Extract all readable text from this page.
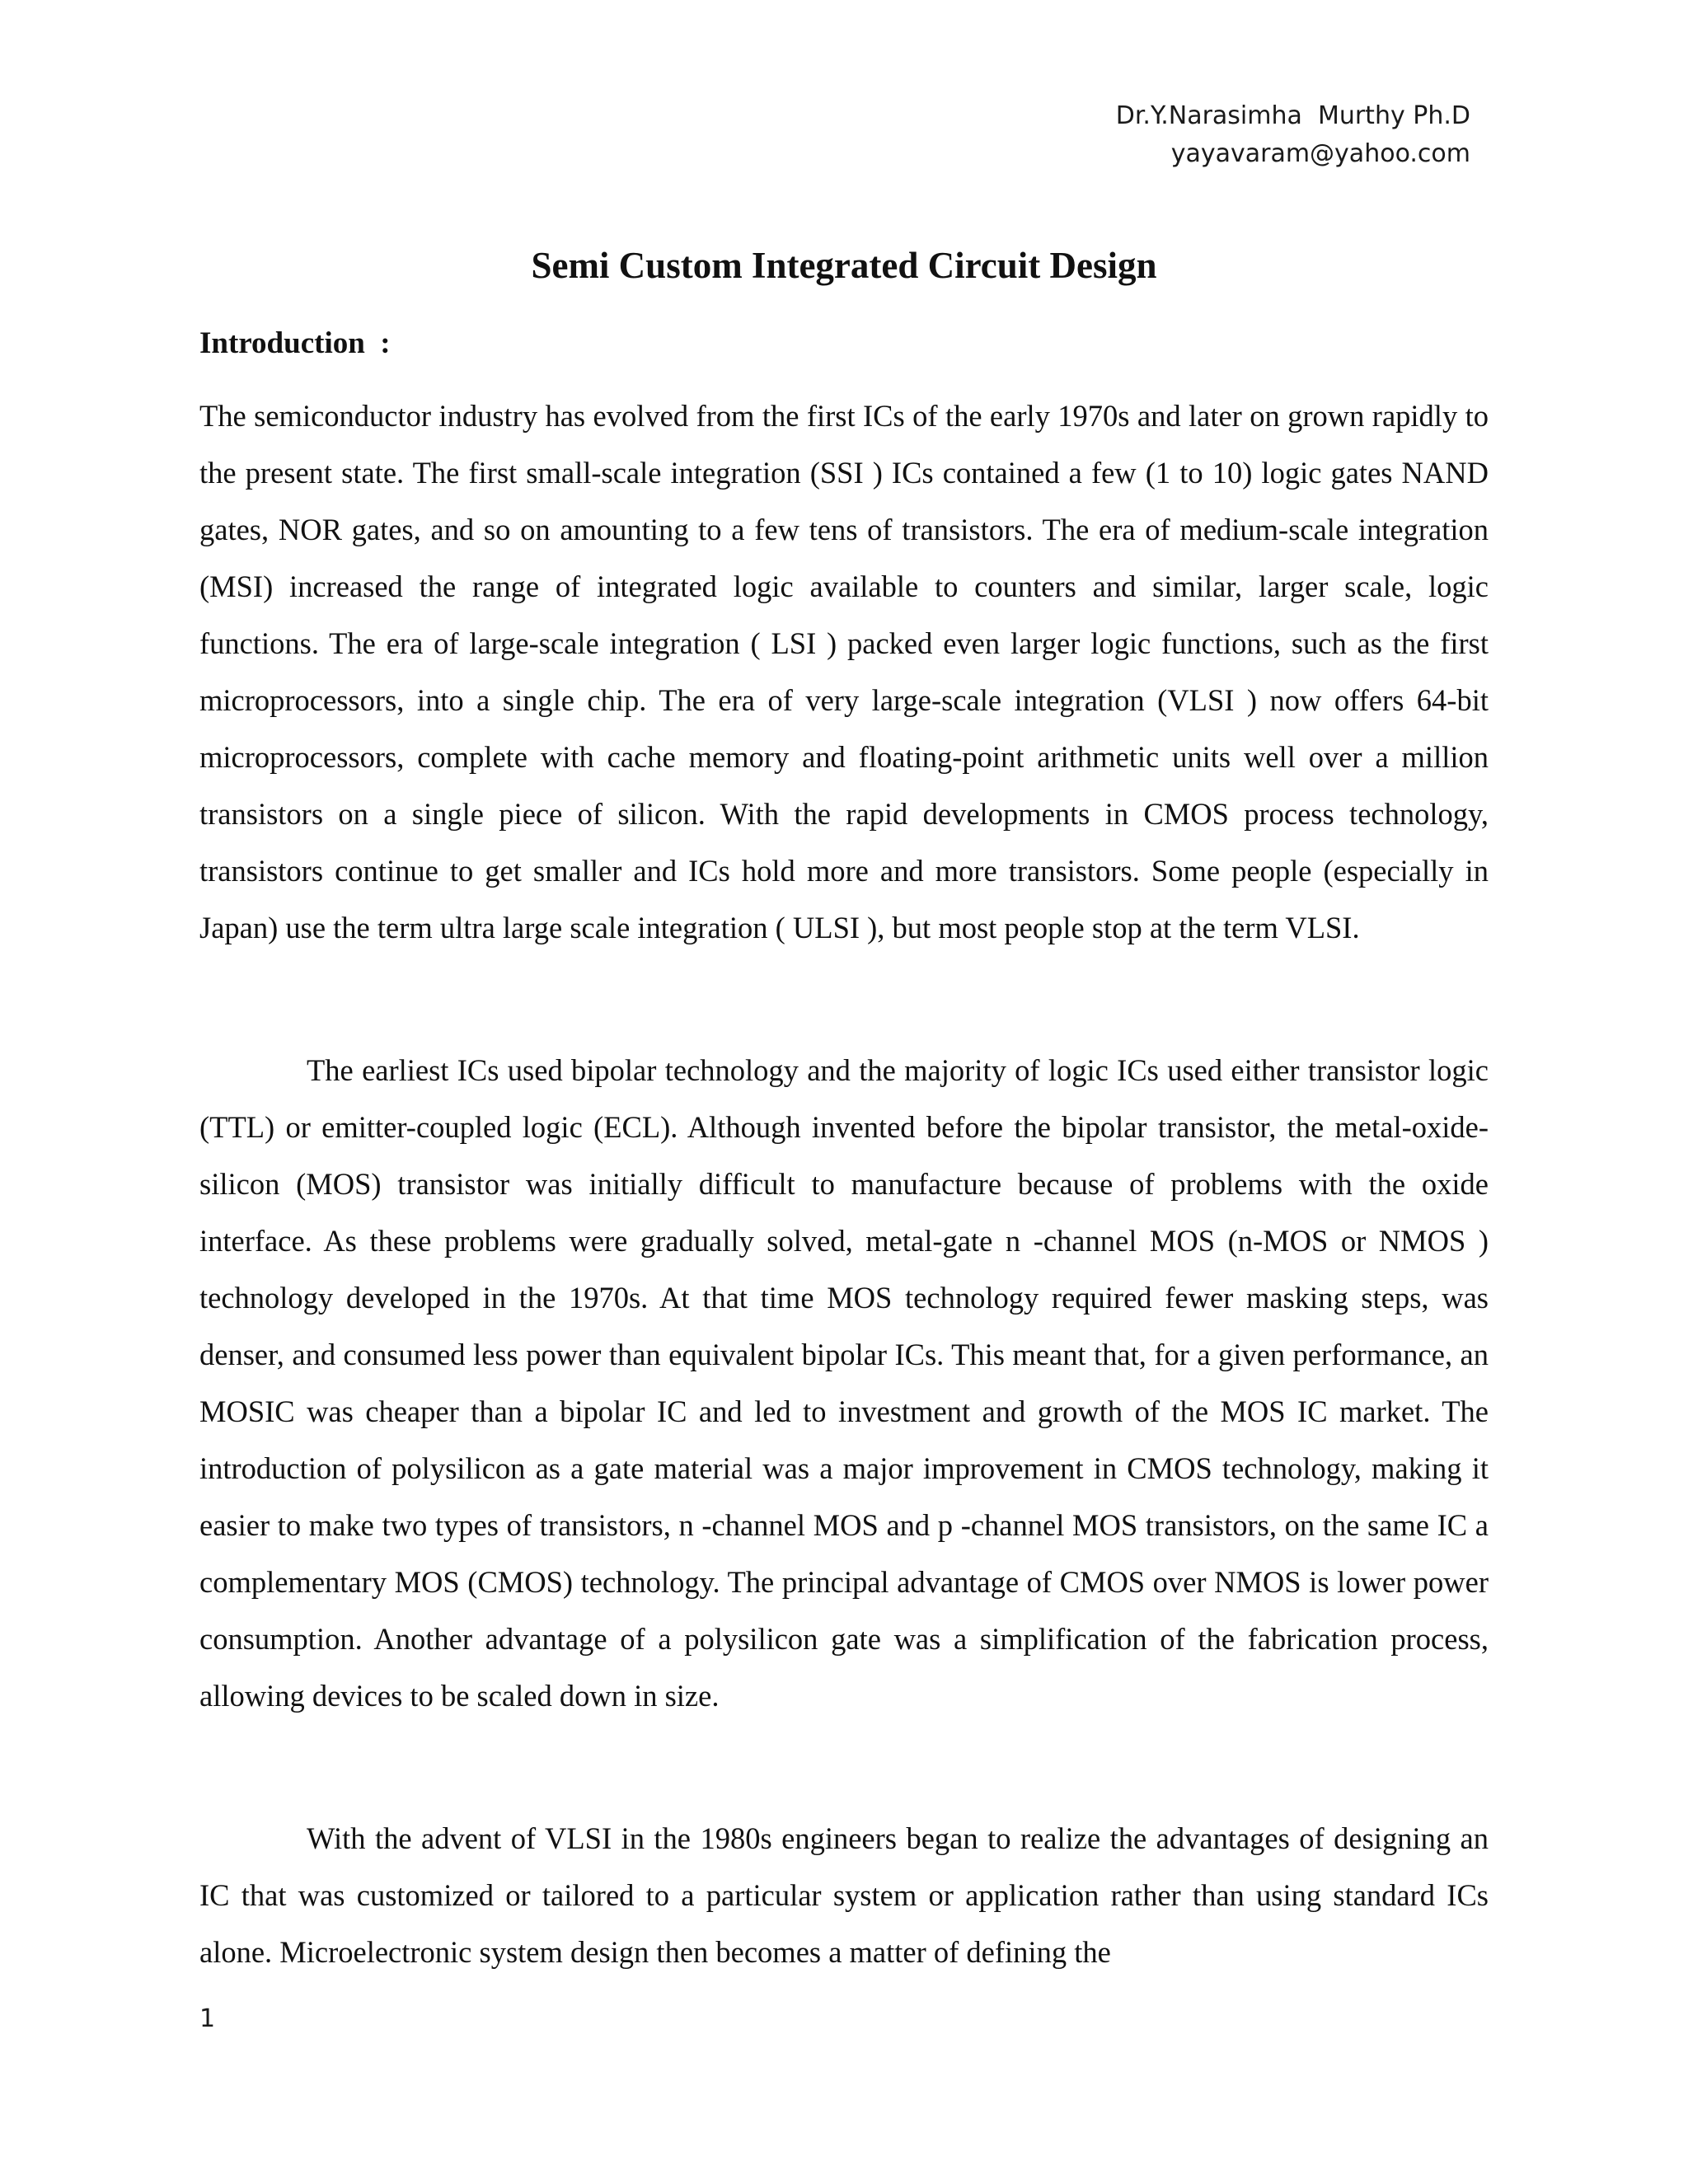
Dr.Y.Narasimha  Murthy Ph.D
yayavaram@yahoo.com
Semi Custom Integrated Circuit Design
Introduction  :

The semiconductor industry has evolved from the first ICs of the early 1970s and later on grown rapidly to the present state. The first small-scale integration (SSI ) ICs contained a few (1 to 10) logic gates NAND gates, NOR gates, and so on amounting to a few tens of transistors. The era of medium-scale integration (MSI) increased the range of integrated logic available to counters and similar, larger scale, logic functions. The era of large-scale integration ( LSI ) packed even larger logic functions, such as the first microprocessors, into a single chip. The era of very large-scale integration (VLSI ) now offers 64-bit microprocessors, complete with cache memory and floating-point arithmetic units well over a million transistors on a single piece of silicon. With the rapid developments in CMOS process technology, transistors continue to get smaller and ICs hold more and more transistors. Some people (especially in Japan) use the term ultra large scale integration ( ULSI ), but most people stop at the term VLSI.

The earliest ICs used bipolar technology and the majority of logic ICs used either transistor logic (TTL) or emitter-coupled logic (ECL). Although invented before the bipolar transistor, the metal-oxide-silicon (MOS) transistor was initially difficult to manufacture because of problems with the oxide interface. As these problems were gradually solved, metal-gate n -channel MOS (n-MOS or NMOS ) technology developed in the 1970s. At that time MOS technology required fewer masking steps, was denser, and consumed less power than equivalent bipolar ICs. This meant that, for a given performance, an MOSIC was cheaper than a bipolar IC and led to investment and growth of the MOS IC market. The introduction of polysilicon as a gate material was a major improvement in CMOS technology, making it easier to make two types of transistors, n -channel MOS and p -channel MOS transistors, on the same IC a complementary MOS (CMOS) technology. The principal advantage of CMOS over NMOS is lower power consumption. Another advantage of a polysilicon gate was a simplification of the fabrication process, allowing devices to be scaled down in size.

With the advent of VLSI in the 1980s engineers began to realize the advantages of designing an IC that was customized or tailored to a particular system or application rather than using standard ICs alone. Microelectronic system design then becomes a matter of defining the

1
